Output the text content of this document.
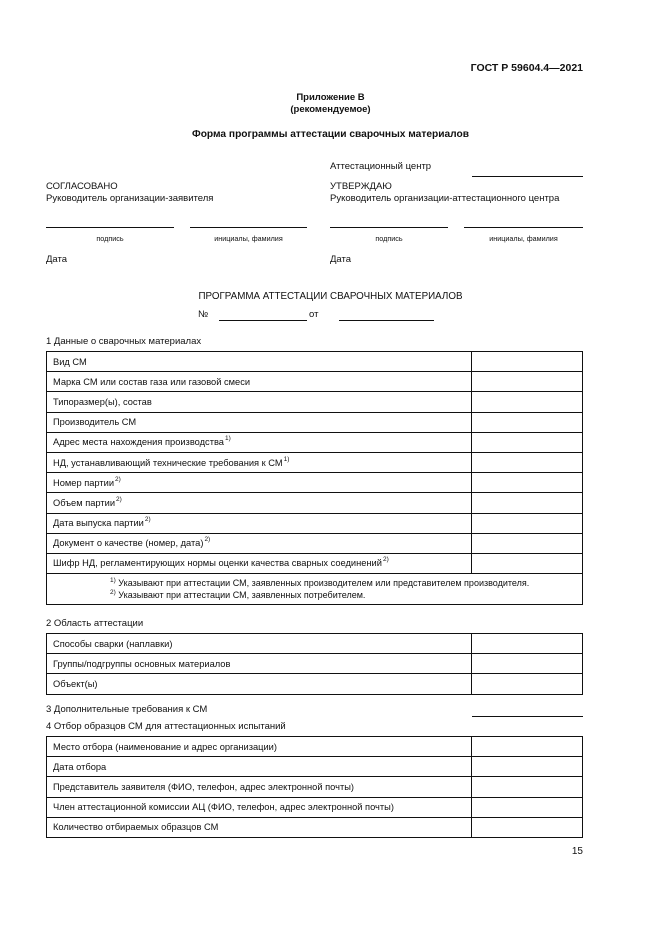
ГОСТ Р 59604.4—2021
Приложение В
(рекомендуемое)
Форма программы аттестации сварочных материалов
Аттестационный центр
СОГЛАСОВАНО
Руководитель организации-заявителя
подпись	инициалы, фамилия
Дата
УТВЕРЖДАЮ
Руководитель организации-аттестационного центра
подпись	инициалы, фамилия
Дата
ПРОГРАММА АТТЕСТАЦИИ СВАРОЧНЫХ МАТЕРИАЛОВ
№	от
1 Данные о сварочных материалах
Вид СМ	
Марка СМ или состав газа или газовой смеси	
Типоразмер(ы), состав	
Производитель СМ	
Адрес места нахождения производства$^{1)}$	
НД, устанавливающий технические требования к СМ$^{1)}$	
Номер партии$^{2)}$	
Объем партии$^{2)}$	
Дата выпуска партии$^{2)}$	
Документ о качестве (номер, дата)$^{2)}$	
Шифр НД, регламентирующих нормы оценки качества сварных соединений$^{2)}$	

$^{1)}$ Указывают при аттестации СМ, заявленных производителем или представителем производителя.
$^{2)}$ Указывают при аттестации СМ, заявленных потребителем.	
2 Область аттестации
Способы сварки (наплавки)	
Группы/подгруппы основных материалов	
Объект(ы)	
3 Дополнительные требования к СМ
4 Отбор образцов СМ для аттестационных испытаний
Место отбора (наименование и адрес организации)	
Дата отбора	
Представитель заявителя (ФИО, телефон, адрес электронной почты)	
Член аттестационной комиссии АЦ (ФИО, телефон, адрес электронной почты)	
Количество отбираемых образцов СМ	
15
